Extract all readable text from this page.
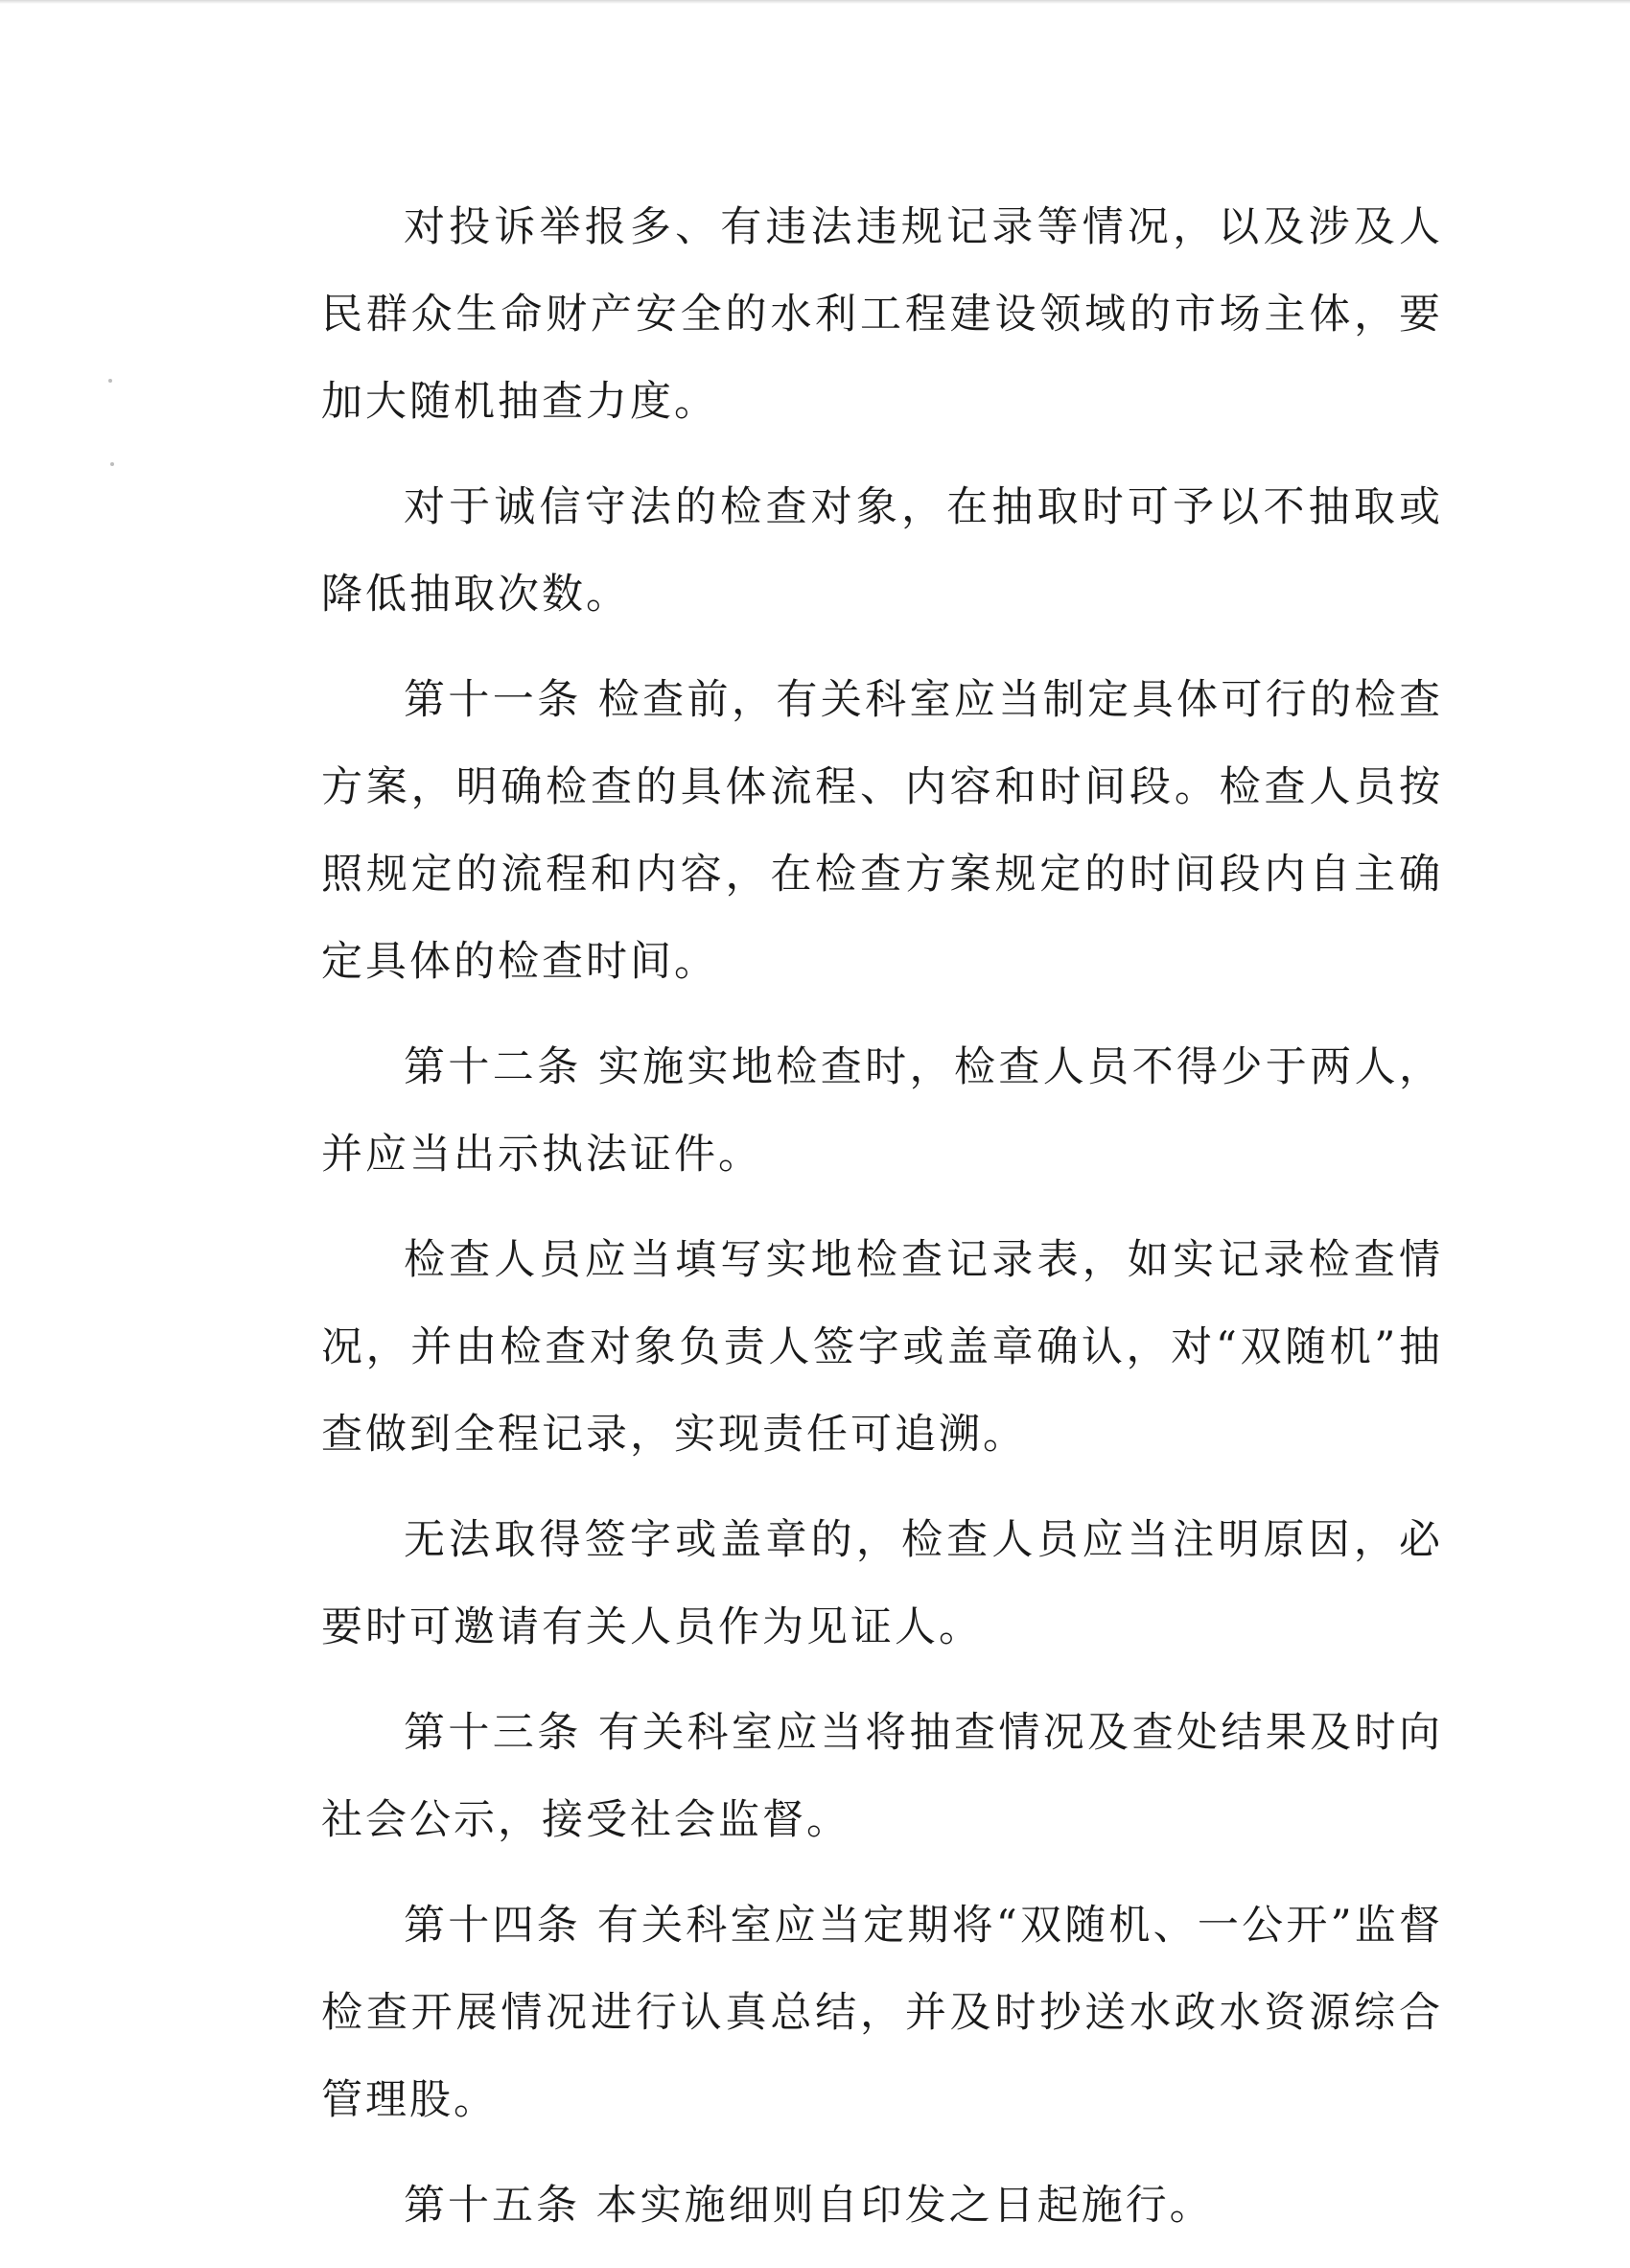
对投诉举报多、有违法违规记录等情况，以及涉及人民群众生命财产安全的水利工程建设领域的市场主体，要加大随机抽查力度。

对于诚信守法的检查对象，在抽取时可予以不抽取或降低抽取次数。

第十一条 检查前，有关科室应当制定具体可行的检查方案，明确检查的具体流程、内容和时间段。检查人员按照规定的流程和内容，在检查方案规定的时间段内自主确定具体的检查时间。

第十二条 实施实地检查时，检查人员不得少于两人，并应当出示执法证件。

检查人员应当填写实地检查记录表，如实记录检查情况，并由检查对象负责人签字或盖章确认，对“双随机”抽查做到全程记录，实现责任可追溯。

无法取得签字或盖章的，检查人员应当注明原因，必要时可邀请有关人员作为见证人。

第十三条 有关科室应当将抽查情况及查处结果及时向社会公示，接受社会监督。

第十四条 有关科室应当定期将“双随机、一公开”监督检查开展情况进行认真总结，并及时抄送水政水资源综合管理股。

第十五条 本实施细则自印发之日起施行。
